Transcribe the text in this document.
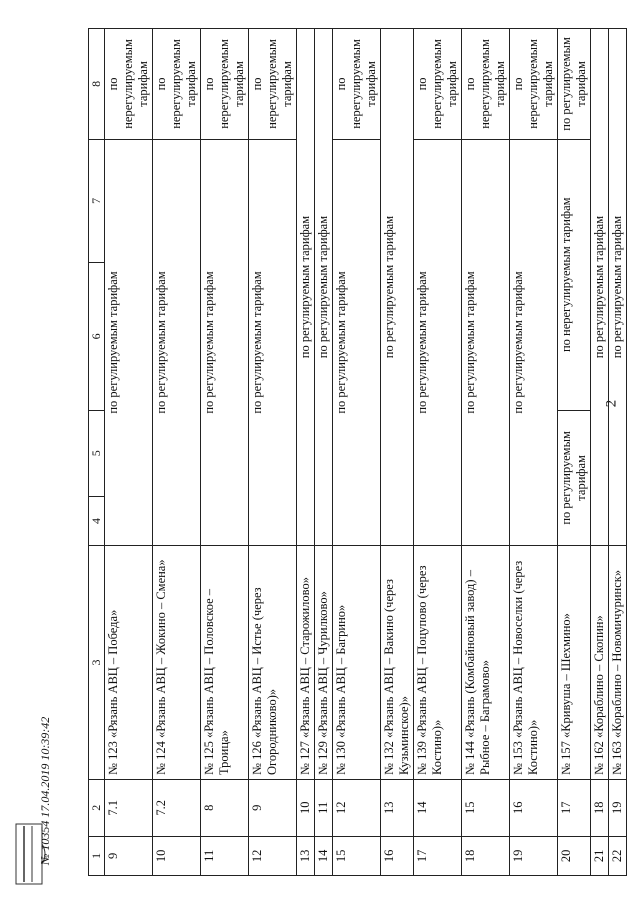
2
1	2	3	4	5	6	7	8
9	7.1	№ 123 «Рязань АВЦ – Победа»	по регулируемым тарифам				по нерегулируемым тарифам
10	7.2	№ 124 «Рязань АВЦ – Жокино – Смена»	по регулируемым тарифам				по нерегулируемым тарифам
11	8	№ 125 «Рязань АВЦ – Половское – Троица»	по регулируемым тарифам				по нерегулируемым тарифам
12	9	№ 126 «Рязань АВЦ – Истье (через Огородниково)»	по регулируемым тарифам				по нерегулируемым тарифам
13	10	№ 127 «Рязань АВЦ – Старожилово»	по регулируемым тарифам				
14	11	№ 129 «Рязань АВЦ – Чурилково»	по регулируемым тарифам				
15	12	№ 130 «Рязань АВЦ – Багрино»	по регулируемым тарифам				по нерегулируемым тарифам
16	13	№ 132 «Рязань АВЦ – Вакино (через Кузьминское)»	по регулируемым тарифам				
17	14	№ 139 «Рязань АВЦ – Поцупово (через Костино)»	по регулируемым тарифам				по нерегулируемым тарифам
18	15	№ 144 «Рязань (Комбайновый завод) – Рыбное – Баграмово»	по регулируемым тарифам				по нерегулируемым тарифам
19	16	№ 153 «Рязань АВЦ – Новоселки (через Костино)»	по регулируемым тарифам				по нерегулируемым тарифам
20	17	№ 157 «Кривуша – Шехмино»	по регулируемым тарифам		по нерегулируемым тарифам		по регулируемым тарифам
21	18	№ 162 «Кораблино – Скопин»	по регулируемым тарифам				
22	19	№ 163 «Кораблино – Новомичуринск»	по регулируемым тарифам				
№ 10354 17.04.2019 10:39:42
